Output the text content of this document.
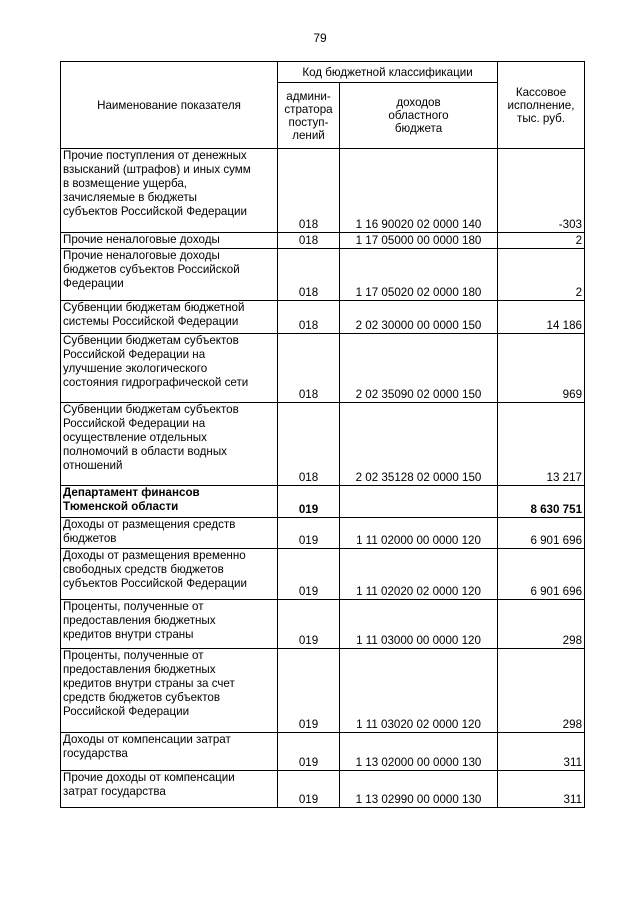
79
Наименование показателя	Код бюджетной классификации		Кассовое
исполнение,
тыс. руб.
	админи-
стратора
поступ-
лений	доходов
областного
бюджета	

Прочие поступления от денежных
взысканий (штрафов) и иных сумм
в возмещение ущерба,
зачисляемые в бюджеты
субъектов Российской Федерации	018	1 16 90020 02 0000 140	-303

Прочие неналоговые доходы	018	1 17 05000 00 0000 180	2

Прочие неналоговые доходы
бюджетов субъектов Российской
Федерации	018	1 17 05020 02 0000 180	2

Субвенции бюджетам бюджетной
системы Российской Федерации	018	2 02 30000 00 0000 150	14 186

Субвенции бюджетам субъектов
Российской Федерации на
улучшение экологического
состояния гидрографической сети	018	2 02 35090 02 0000 150	969

Субвенции бюджетам субъектов
Российской Федерации на
осуществление отдельных
полномочий в области водных
отношений	018	2 02 35128 02 0000 150	13 217

Департамент финансов
Тюменской области	019		8 630 751

Доходы от размещения средств
бюджетов	019	1 11 02000 00 0000 120	6 901 696

Доходы от размещения временно
свободных средств бюджетов
субъектов Российской Федерации	019	1 11 02020 02 0000 120	6 901 696

Проценты, полученные от
предоставления бюджетных
кредитов внутри страны	019	1 11 03000 00 0000 120	298

Проценты, полученные от
предоставления бюджетных
кредитов внутри страны за счет
средств бюджетов субъектов
Российской Федерации	019	1 11 03020 02 0000 120	298

Доходы от компенсации затрат
государства	019	1 13 02000 00 0000 130	311

Прочие доходы от компенсации
затрат государства	019	1 13 02990 00 0000 130	311
